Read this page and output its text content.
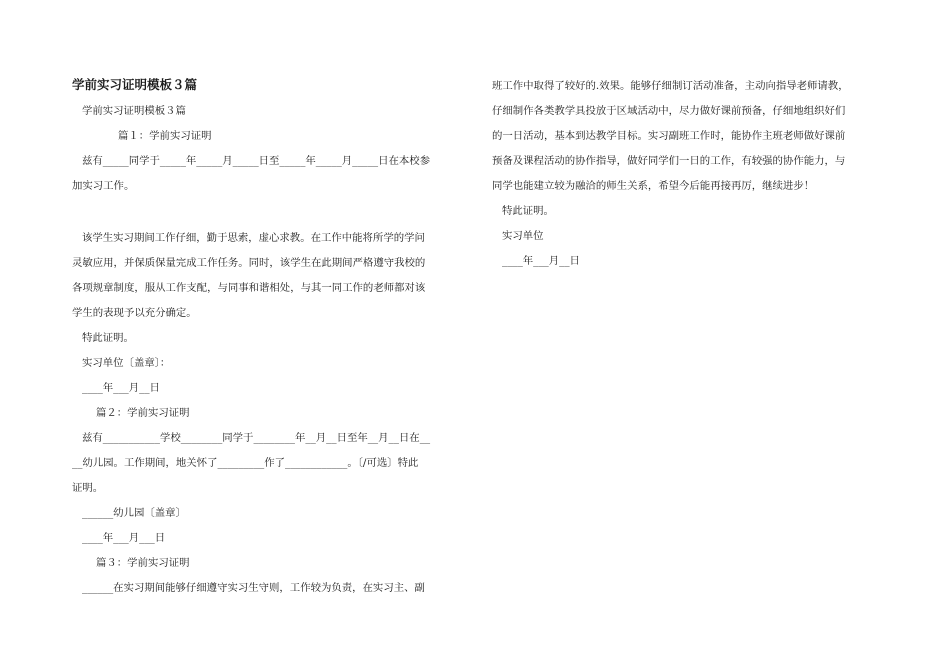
学前实习证明模板３篇
学前实习证明模板３篇
篇１：学前实习证明
兹有_____同学于_____年_____月_____日至_____年_____月_____日在本校参
加实习工作。
该学生实习期间工作仔细，勤于思索，虚心求教。在工作中能将所学的学问
灵敏应用，并保质保量完成工作任务。同时，该学生在此期间严格遵守我校的
各项规章制度，服从工作支配，与同事和谐相处，与其一同工作的老师都对该
学生的表现予以充分确定。
特此证明。
实习单位〔盖章〕：
____年___月__日
篇２：学前实习证明
兹有___________学校________同学于________年__月__日至年__月__日在__
__幼儿园。工作期间，地关怀了_________作了____________。〔/可选〕特此
证明。
______幼儿园〔盖章〕
____年___月___日
篇３：学前实习证明
______在实习期间能够仔细遵守实习生守则，工作较为负责，在实习主、副
班工作中取得了较好的.效果。能够仔细制订活动准备，主动向指导老师请教，
仔细制作各类教学具投放于区域活动中，尽力做好课前预备，仔细地组织好们
的一日活动，基本到达教学目标。实习副班工作时，能协作主班老师做好课前
预备及课程活动的协作指导，做好同学们一日的工作，有较强的协作能力，与
同学也能建立较为融洽的师生关系，希望今后能再接再厉，继续进步！
特此证明。
实习单位
____年___月__日
